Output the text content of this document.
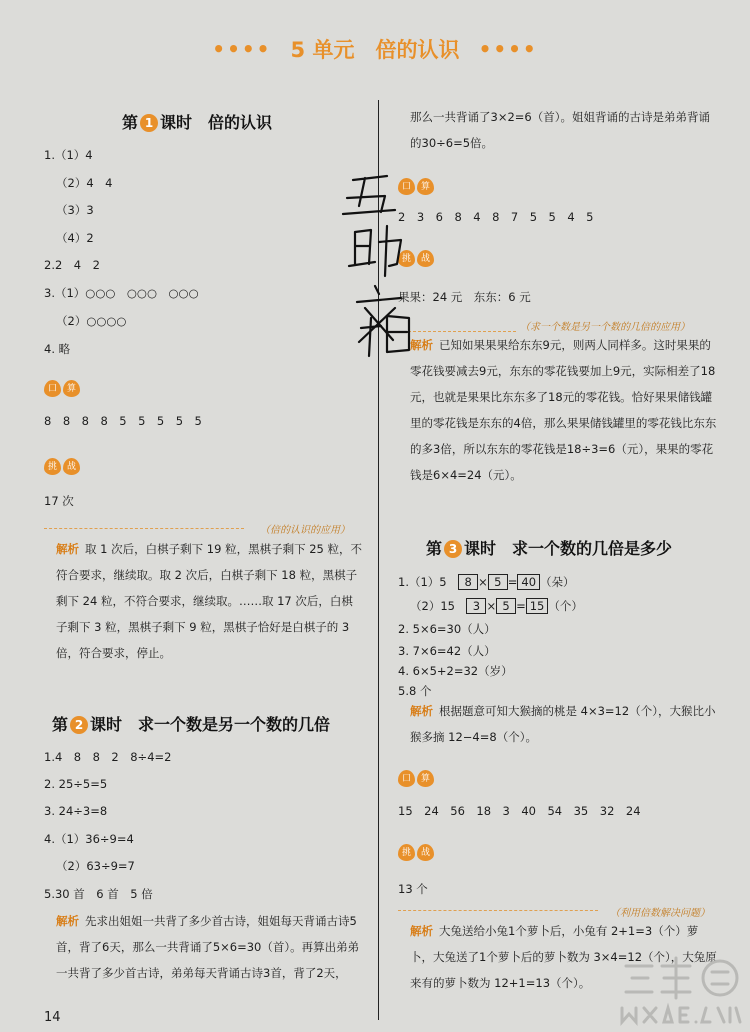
•••• 5 单元　倍的认识 ••••
第 1 课时　倍的认识
1.（1）4
（2）4　4
（3）3
（4）2
2.2　4　2
3.（1）○○○　○○○　○○○
（2）○○○○
4. 略
口	算
8　8　8　8　5　5　5　5　5
挑	战
17 次
（倍的认识的应用）
解析 取 1 次后，白棋子剩下 19 粒，黑棋子剩下 25 粒，不符合要求，继续取。取 2 次后，白棋子剩下 18 粒，黑棋子剩下 24 粒，不符合要求，继续取。……取 17 次后，白棋子剩下 3 粒，黑棋子剩下 9 粒，黑棋子恰好是白棋子的 3 倍，符合要求，停止。
第 2 课时　求一个数是另一个数的几倍
1.4　8　8　2　8÷4=2
2. 25÷5=5
3. 24÷3=8
4.（1）36÷9=4
（2）63÷9=7
5.30 首　6 首　5 倍
解析 先求出姐姐一共背了多少首古诗，姐姐每天背诵古诗5首，背了6天，那么一共背诵了5×6=30（首）。再算出弟弟一共背了多少首古诗，弟弟每天背诵古诗3首，背了2天，
14
那么一共背诵了3×2=6（首）。姐姐背诵的古诗是弟弟背诵的30÷6=5倍。
口	算
2　3　6　8　4　8　7　5　5　4　5
挑	战
果果：24 元　东东：6 元
（求一个数是另一个数的几倍的应用）
解析 已知如果果果给东东9元，则两人同样多。这时果果的零花钱要减去9元，东东的零花钱要加上9元，实际相差了18元，也就是果果比东东多了18元的零花钱。恰好果果储钱罐里的零花钱是东东的4倍，那么果果储钱罐里的零花钱比东东的多3倍，所以东东的零花钱是18÷3=6（元），果果的零花钱是6×4=24（元）。
第 3 课时　求一个数的几倍是多少
1.（1）5　8 × 5 = 40 （朵）
（2）15　3 × 5 = 15 （个）
2. 5×6=30（人）
3. 7×6=42（人）
4. 6×5+2=32（岁）
5.8 个
解析 根据题意可知大猴摘的桃是 4×3=12（个），大猴比小猴多摘 12−4=8（个）。
口	算
15　24　56　18　3　40　54　35　32　24
挑	战
13 个
（利用倍数解决问题）
解析 大兔送给小兔1个萝卜后，小兔有 2+1=3（个）萝卜，大兔送了1个萝卜后的萝卜数为 3×4=12（个），大兔原来有的萝卜数为 12+1=13（个）。
